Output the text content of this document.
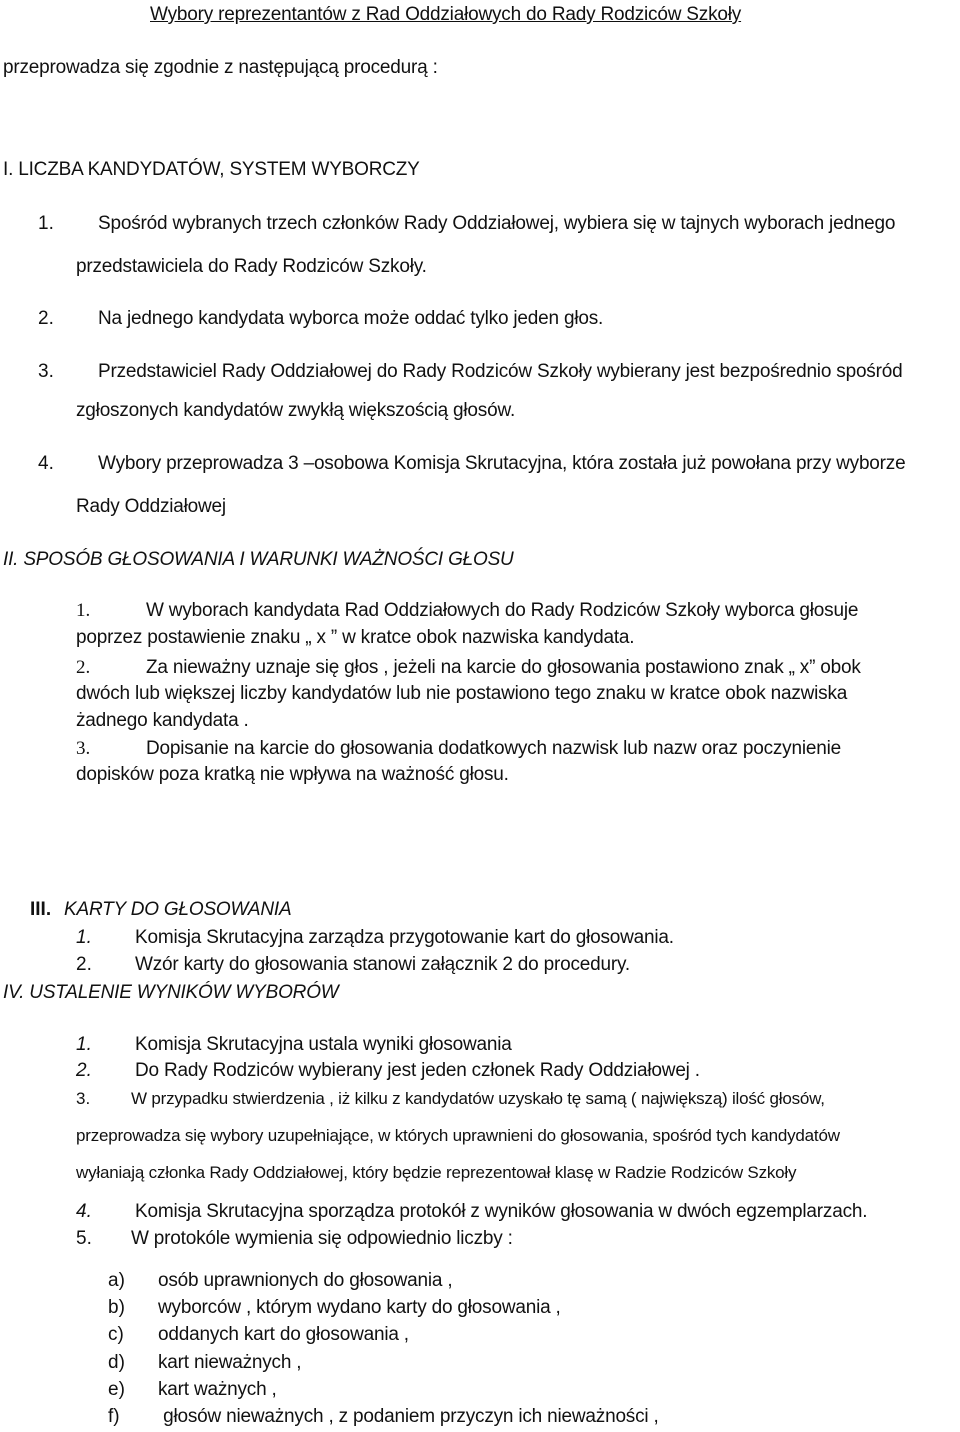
Wybory reprezentantów z Rad Oddziałowych do Rady Rodziców Szkoły
przeprowadza się zgodnie z następującą procedurą :
I. LICZBA KANDYDATÓW, SYSTEM WYBORCZY
1. Spośród wybranych trzech członków Rady Oddziałowej, wybiera się w tajnych wyborach jednego
przedstawiciela do Rady Rodziców Szkoły.
2. Na jednego kandydata wyborca może oddać tylko jeden głos.
3. Przedstawiciel Rady Oddziałowej do Rady Rodziców Szkoły wybierany jest bezpośrednio spośród
zgłoszonych kandydatów zwykłą większością głosów.
4. Wybory przeprowadza 3 –osobowa Komisja Skrutacyjna, która została już powołana przy wyborze
Rady Oddziałowej
II. SPOSÓB GŁOSOWANIA I WARUNKI WAŻNOŚCI GŁOSU
1.	W wyborach kandydata Rad Oddziałowych do Rady Rodziców Szkoły wyborca głosuje
poprzez postawienie znaku „ x ” w kratce obok nazwiska kandydata.
2.	Za nieważny uznaje się głos , jeżeli na karcie do głosowania postawiono znak „ x” obok
dwóch lub większej liczby kandydatów lub nie postawiono tego znaku w kratce obok nazwiska
żadnego kandydata .
3.	Dopisanie na karcie do głosowania dodatkowych nazwisk lub nazw oraz poczynienie
dopisków poza kratką nie wpływa na ważność głosu.
III. KARTY DO GŁOSOWANIA
1. Komisja Skrutacyjna zarządza przygotowanie kart do głosowania.
2. Wzór karty do głosowania stanowi załącznik 2 do procedury.
IV. USTALENIE WYNIKÓW WYBORÓW
1. Komisja Skrutacyjna ustala wyniki głosowania
2. Do Rady Rodziców wybierany jest jeden członek Rady Oddziałowej .
3. W przypadku stwierdzenia , iż kilku z kandydatów uzyskało tę samą ( największą) ilość głosów,
przeprowadza się wybory uzupełniające, w których uprawnieni do głosowania, spośród tych kandydatów
wyłaniają członka Rady Oddziałowej, który będzie reprezentował klasę w Radzie Rodziców Szkoły
4. Komisja Skrutacyjna sporządza protokół z wyników głosowania w dwóch egzemplarzach.
5. W protokóle wymienia się odpowiednio liczby :
a) osób uprawnionych do głosowania ,
b) wyborców , którym wydano karty do głosowania ,
c) oddanych kart do głosowania ,
d) kart nieważnych ,
e) kart ważnych ,
f) głosów nieważnych , z podaniem przyczyn ich nieważności ,
